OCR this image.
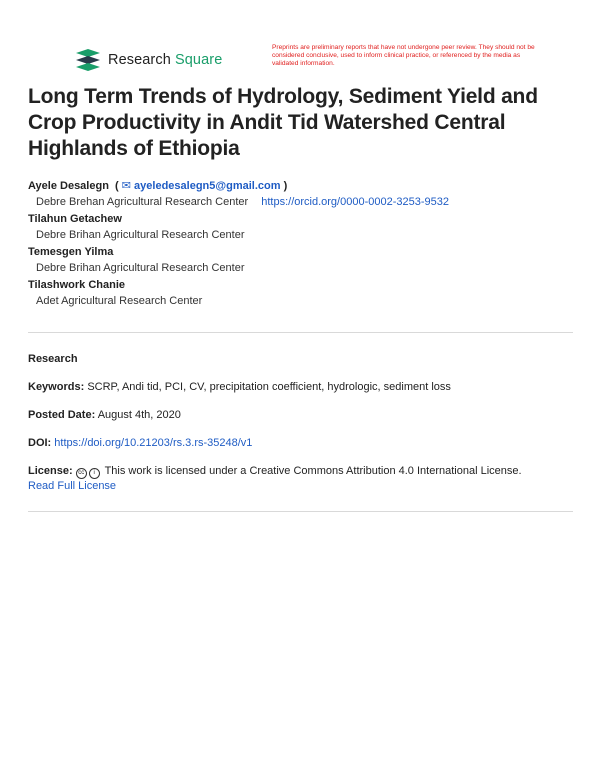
Research Square
Preprints are preliminary reports that have not undergone peer review. They should not be considered conclusive, used to inform clinical practice, or referenced by the media as validated information.
Long Term Trends of Hydrology, Sediment Yield and Crop Productivity in Andit Tid Watershed Central Highlands of Ethiopia
Ayele Desalegn  ( ✉ ayeledesalegn5@gmail.com )
Debre Brehan Agricultural Research Center https://orcid.org/0000-0002-3253-9532
Tilahun Getachew
Debre Brihan Agricultural Research Center
Temesgen Yilma
Debre Brihan Agricultural Research Center
Tilashwork Chanie
Adet Agricultural Research Center
Research
Keywords: SCRP, Andi tid, PCI, CV, precipitation coefficient, hydrologic, sediment loss
Posted Date: August 4th, 2020
DOI: https://doi.org/10.21203/rs.3.rs-35248/v1
License: cc i This work is licensed under a Creative Commons Attribution 4.0 International License.
Read Full License
